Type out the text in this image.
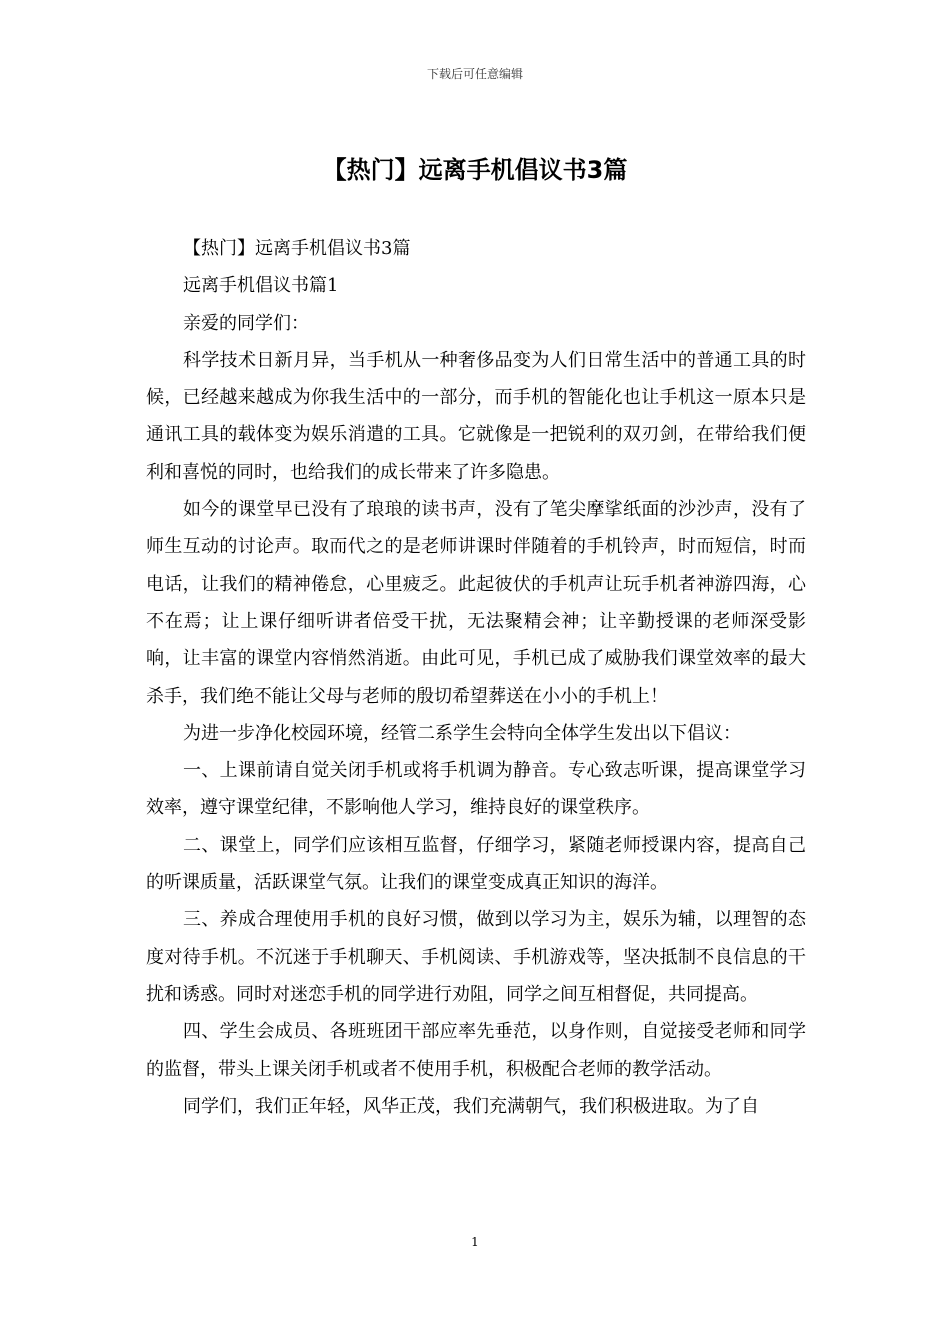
下载后可任意编辑
【热门】远离手机倡议书3篇

【热门】远离手机倡议书3篇

远离手机倡议书篇1

亲爱的同学们：

科学技术日新月异，当手机从一种奢侈品变为人们日常生活中的普通工具的时候，已经越来越成为你我生活中的一部分，而手机的智能化也让手机这一原本只是通讯工具的载体变为娱乐消遣的工具。它就像是一把锐利的双刃剑，在带给我们便利和喜悦的同时，也给我们的成长带来了许多隐患。

如今的课堂早已没有了琅琅的读书声，没有了笔尖摩挲纸面的沙沙声，没有了师生互动的讨论声。取而代之的是老师讲课时伴随着的手机铃声，时而短信，时而电话，让我们的精神倦怠，心里疲乏。此起彼伏的手机声让玩手机者神游四海，心不在焉；让上课仔细听讲者倍受干扰，无法聚精会神；让辛勤授课的老师深受影响，让丰富的课堂内容悄然消逝。由此可见，手机已成了威胁我们课堂效率的最大杀手，我们绝不能让父母与老师的殷切希望葬送在小小的手机上！

为进一步净化校园环境，经管二系学生会特向全体学生发出以下倡议：

一、上课前请自觉关闭手机或将手机调为静音。专心致志听课，提高课堂学习效率，遵守课堂纪律，不影响他人学习，维持良好的课堂秩序。

二、课堂上，同学们应该相互监督，仔细学习，紧随老师授课内容，提高自己的听课质量，活跃课堂气氛。让我们的课堂变成真正知识的海洋。

三、养成合理使用手机的良好习惯，做到以学习为主，娱乐为辅，以理智的态度对待手机。不沉迷于手机聊天、手机阅读、手机游戏等，坚决抵制不良信息的干扰和诱惑。同时对迷恋手机的同学进行劝阻，同学之间互相督促，共同提高。

四、学生会成员、各班班团干部应率先垂范，以身作则，自觉接受老师和同学的监督，带头上课关闭手机或者不使用手机，积极配合老师的教学活动。

同学们，我们正年轻，风华正茂，我们充满朝气，我们积极进取。为了自

1
